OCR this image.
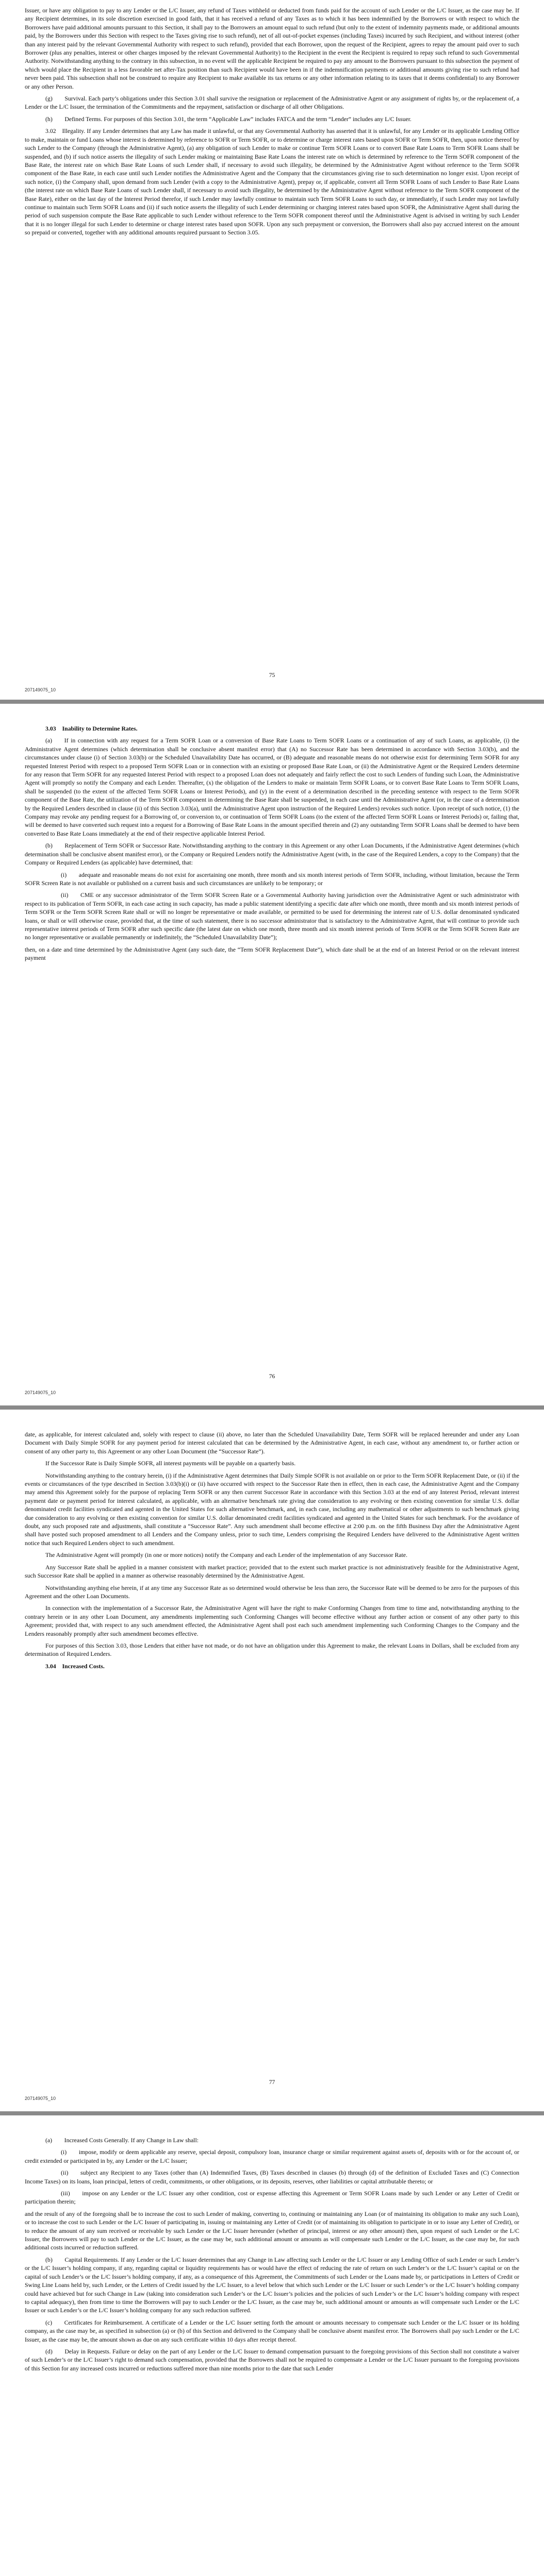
Issuer, or have any obligation to pay to any Lender or the L/C Issuer, any refund of Taxes withheld or deducted from funds paid for the account of such Lender or the L/C Issuer, as the case may be. If any Recipient determines, in its sole discretion exercised in good faith, that it has received a refund of any Taxes as to which it has been indemnified by the Borrowers or with respect to which the Borrowers have paid additional amounts pursuant to this Section, it shall pay to the Borrowers an amount equal to such refund (but only to the extent of indemnity payments made, or additional amounts paid, by the Borrowers under this Section with respect to the Taxes giving rise to such refund), net of all out-of-pocket expenses (including Taxes) incurred by such Recipient, and without interest (other than any interest paid by the relevant Governmental Authority with respect to such refund), provided that each Borrower, upon the request of the Recipient, agrees to repay the amount paid over to such Borrower (plus any penalties, interest or other charges imposed by the relevant Governmental Authority) to the Recipient in the event the Recipient is required to repay such refund to such Governmental Authority. Notwithstanding anything to the contrary in this subsection, in no event will the applicable Recipient be required to pay any amount to the Borrowers pursuant to this subsection the payment of which would place the Recipient in a less favorable net after-Tax position than such Recipient would have been in if the indemnification payments or additional amounts giving rise to such refund had never been paid. This subsection shall not be construed to require any Recipient to make available its tax returns or any other information relating to its taxes that it deems confidential) to any Borrower or any other Person.

(g)  Survival. Each party’s obligations under this Section 3.01 shall survive the resignation or replacement of the Administrative Agent or any assignment of rights by, or the replacement of, a Lender or the L/C Issuer, the termination of the Commitments and the repayment, satisfaction or discharge of all other Obligations.

(h)  Defined Terms. For purposes of this Section 3.01, the term “Applicable Law” includes FATCA and the term “Lender” includes any L/C Issuer.

3.02 Illegality. If any Lender determines that any Law has made it unlawful, or that any Governmental Authority has asserted that it is unlawful, for any Lender or its applicable Lending Office to make, maintain or fund Loans whose interest is determined by reference to SOFR or Term SOFR, or to determine or charge interest rates based upon SOFR or Term SOFR, then, upon notice thereof by such Lender to the Company (through the Administrative Agent), (a) any obligation of such Lender to make or continue Term SOFR Loans or to convert Base Rate Loans to Term SOFR Loans shall be suspended, and (b) if such notice asserts the illegality of such Lender making or maintaining Base Rate Loans the interest rate on which is determined by reference to the Term SOFR component of the Base Rate, the interest rate on which Base Rate Loans of such Lender shall, if necessary to avoid such illegality, be determined by the Administrative Agent without reference to the Term SOFR component of the Base Rate, in each case until such Lender notifies the Administrative Agent and the Company that the circumstances giving rise to such determination no longer exist. Upon receipt of such notice, (i) the Company shall, upon demand from such Lender (with a copy to the Administrative Agent), prepay or, if applicable, convert all Term SOFR Loans of such Lender to Base Rate Loans (the interest rate on which Base Rate Loans of such Lender shall, if necessary to avoid such illegality, be determined by the Administrative Agent without reference to the Term SOFR component of the Base Rate), either on the last day of the Interest Period therefor, if such Lender may lawfully continue to maintain such Term SOFR Loans to such day, or immediately, if such Lender may not lawfully continue to maintain such Term SOFR Loans and (ii) if such notice asserts the illegality of such Lender determining or charging interest rates based upon SOFR, the Administrative Agent shall during the period of such suspension compute the Base Rate applicable to such Lender without reference to the Term SOFR component thereof until the Administrative Agent is advised in writing by such Lender that it is no longer illegal for such Lender to determine or charge interest rates based upon SOFR. Upon any such prepayment or conversion, the Borrowers shall also pay accrued interest on the amount so prepaid or converted, together with any additional amounts required pursuant to Section 3.05.

75
207149075_10

3.03 Inability to Determine Rates.

(a)  If in connection with any request for a Term SOFR Loan or a conversion of Base Rate Loans to Term SOFR Loans or a continuation of any of such Loans, as applicable, (i) the Administrative Agent determines (which determination shall be conclusive absent manifest error) that (A) no Successor Rate has been determined in accordance with Section 3.03(b), and the circumstances under clause (i) of Section 3.03(b) or the Scheduled Unavailability Date has occurred, or (B) adequate and reasonable means do not otherwise exist for determining Term SOFR for any requested Interest Period with respect to a proposed Term SOFR Loan or in connection with an existing or proposed Base Rate Loan, or (ii) the Administrative Agent or the Required Lenders determine for any reason that Term SOFR for any requested Interest Period with respect to a proposed Loan does not adequately and fairly reflect the cost to such Lenders of funding such Loan, the Administrative Agent will promptly so notify the Company and each Lender. Thereafter, (x) the obligation of the Lenders to make or maintain Term SOFR Loans, or to convert Base Rate Loans to Term SOFR Loans, shall be suspended (to the extent of the affected Term SOFR Loans or Interest Periods), and (y) in the event of a determination described in the preceding sentence with respect to the Term SOFR component of the Base Rate, the utilization of the Term SOFR component in determining the Base Rate shall be suspended, in each case until the Administrative Agent (or, in the case of a determination by the Required Lenders described in clause (ii) of this Section 3.03(a), until the Administrative Agent upon instruction of the Required Lenders) revokes such notice. Upon receipt of such notice, (1) the Company may revoke any pending request for a Borrowing of, or conversion to, or continuation of Term SOFR Loans (to the extent of the affected Term SOFR Loans or Interest Periods) or, failing that, will be deemed to have converted such request into a request for a Borrowing of Base Rate Loans in the amount specified therein and (2) any outstanding Term SOFR Loans shall be deemed to have been converted to Base Rate Loans immediately at the end of their respective applicable Interest Period.

(b)  Replacement of Term SOFR or Successor Rate. Notwithstanding anything to the contrary in this Agreement or any other Loan Documents, if the Administrative Agent determines (which determination shall be conclusive absent manifest error), or the Company or Required Lenders notify the Administrative Agent (with, in the case of the Required Lenders, a copy to the Company) that the Company or Required Lenders (as applicable) have determined, that:

(i)  adequate and reasonable means do not exist for ascertaining one month, three month and six month interest periods of Term SOFR, including, without limitation, because the Term SOFR Screen Rate is not available or published on a current basis and such circumstances are unlikely to be temporary; or

(ii)  CME or any successor administrator of the Term SOFR Screen Rate or a Governmental Authority having jurisdiction over the Administrative Agent or such administrator with respect to its publication of Term SOFR, in each case acting in such capacity, has made a public statement identifying a specific date after which one month, three month and six month interest periods of Term SOFR or the Term SOFR Screen Rate shall or will no longer be representative or made available, or permitted to be used for determining the interest rate of U.S. dollar denominated syndicated loans, or shall or will otherwise cease, provided that, at the time of such statement, there is no successor administrator that is satisfactory to the Administrative Agent, that will continue to provide such representative interest periods of Term SOFR after such specific date (the latest date on which one month, three month and six month interest periods of Term SOFR or the Term SOFR Screen Rate are no longer representative or available permanently or indefinitely, the “Scheduled Unavailability Date”);

then, on a date and time determined by the Administrative Agent (any such date, the “Term SOFR Replacement Date”), which date shall be at the end of an Interest Period or on the relevant interest payment

76
207149075_10

date, as applicable, for interest calculated and, solely with respect to clause (ii) above, no later than the Scheduled Unavailability Date, Term SOFR will be replaced hereunder and under any Loan Document with Daily Simple SOFR for any payment period for interest calculated that can be determined by the Administrative Agent, in each case, without any amendment to, or further action or consent of any other party to, this Agreement or any other Loan Document (the “Successor Rate”).

If the Successor Rate is Daily Simple SOFR, all interest payments will be payable on a quarterly basis.

Notwithstanding anything to the contrary herein, (i) if the Administrative Agent determines that Daily Simple SOFR is not available on or prior to the Term SOFR Replacement Date, or (ii) if the events or circumstances of the type described in Section 3.03(b)(i) or (ii) have occurred with respect to the Successor Rate then in effect, then in each case, the Administrative Agent and the Company may amend this Agreement solely for the purpose of replacing Term SOFR or any then current Successor Rate in accordance with this Section 3.03 at the end of any Interest Period, relevant interest payment date or payment period for interest calculated, as applicable, with an alternative benchmark rate giving due consideration to any evolving or then existing convention for similar U.S. dollar denominated credit facilities syndicated and agented in the United States for such alternative benchmark, and, in each case, including any mathematical or other adjustments to such benchmark giving due consideration to any evolving or then existing convention for similar U.S. dollar denominated credit facilities syndicated and agented in the United States for such benchmark. For the avoidance of doubt, any such proposed rate and adjustments, shall constitute a “Successor Rate”. Any such amendment shall become effective at 2:00 p.m. on the fifth Business Day after the Administrative Agent shall have posted such proposed amendment to all Lenders and the Company unless, prior to such time, Lenders comprising the Required Lenders have delivered to the Administrative Agent written notice that such Required Lenders object to such amendment.

The Administrative Agent will promptly (in one or more notices) notify the Company and each Lender of the implementation of any Successor Rate.

Any Successor Rate shall be applied in a manner consistent with market practice; provided that to the extent such market practice is not administratively feasible for the Administrative Agent, such Successor Rate shall be applied in a manner as otherwise reasonably determined by the Administrative Agent.

Notwithstanding anything else herein, if at any time any Successor Rate as so determined would otherwise be less than zero, the Successor Rate will be deemed to be zero for the purposes of this Agreement and the other Loan Documents.

In connection with the implementation of a Successor Rate, the Administrative Agent will have the right to make Conforming Changes from time to time and, notwithstanding anything to the contrary herein or in any other Loan Document, any amendments implementing such Conforming Changes will become effective without any further action or consent of any other party to this Agreement; provided that, with respect to any such amendment effected, the Administrative Agent shall post each such amendment implementing such Conforming Changes to the Company and the Lenders reasonably promptly after such amendment becomes effective.

For purposes of this Section 3.03, those Lenders that either have not made, or do not have an obligation under this Agreement to make, the relevant Loans in Dollars, shall be excluded from any determination of Required Lenders.

3.04 Increased Costs.

77
207149075_10

(a)  Increased Costs Generally. If any Change in Law shall:

(i)  impose, modify or deem applicable any reserve, special deposit, compulsory loan, insurance charge or similar requirement against assets of, deposits with or for the account of, or credit extended or participated in by, any Lender or the L/C Issuer;

(ii)  subject any Recipient to any Taxes (other than (A) Indemnified Taxes, (B) Taxes described in clauses (b) through (d) of the definition of Excluded Taxes and (C) Connection Income Taxes) on its loans, loan principal, letters of credit, commitments, or other obligations, or its deposits, reserves, other liabilities or capital attributable thereto; or

(iii)  impose on any Lender or the L/C Issuer any other condition, cost or expense affecting this Agreement or Term SOFR Loans made by such Lender or any Letter of Credit or participation therein;

and the result of any of the foregoing shall be to increase the cost to such Lender of making, converting to, continuing or maintaining any Loan (or of maintaining its obligation to make any such Loan), or to increase the cost to such Lender or the L/C Issuer of participating in, issuing or maintaining any Letter of Credit (or of maintaining its obligation to participate in or to issue any Letter of Credit), or to reduce the amount of any sum received or receivable by such Lender or the L/C Issuer hereunder (whether of principal, interest or any other amount) then, upon request of such Lender or the L/C Issuer, the Borrowers will pay to such Lender or the L/C Issuer, as the case may be, such additional amount or amounts as will compensate such Lender or the L/C Issuer, as the case may be, for such additional costs incurred or reduction suffered.

(b)  Capital Requirements. If any Lender or the L/C Issuer determines that any Change in Law affecting such Lender or the L/C Issuer or any Lending Office of such Lender or such Lender’s or the L/C Issuer’s holding company, if any, regarding capital or liquidity requirements has or would have the effect of reducing the rate of return on such Lender’s or the L/C Issuer’s capital or on the capital of such Lender’s or the L/C Issuer’s holding company, if any, as a consequence of this Agreement, the Commitments of such Lender or the Loans made by, or participations in Letters of Credit or Swing Line Loans held by, such Lender, or the Letters of Credit issued by the L/C Issuer, to a level below that which such Lender or the L/C Issuer or such Lender’s or the L/C Issuer’s holding company could have achieved but for such Change in Law (taking into consideration such Lender’s or the L/C Issuer’s policies and the policies of such Lender’s or the L/C Issuer’s holding company with respect to capital adequacy), then from time to time the Borrowers will pay to such Lender or the L/C Issuer, as the case may be, such additional amount or amounts as will compensate such Lender or the L/C Issuer or such Lender’s or the L/C Issuer’s holding company for any such reduction suffered.

(c)  Certificates for Reimbursement. A certificate of a Lender or the L/C Issuer setting forth the amount or amounts necessary to compensate such Lender or the L/C Issuer or its holding company, as the case may be, as specified in subsection (a) or (b) of this Section and delivered to the Company shall be conclusive absent manifest error. The Borrowers shall pay such Lender or the L/C Issuer, as the case may be, the amount shown as due on any such certificate within 10 days after receipt thereof.

(d)  Delay in Requests. Failure or delay on the part of any Lender or the L/C Issuer to demand compensation pursuant to the foregoing provisions of this Section shall not constitute a waiver of such Lender’s or the L/C Issuer’s right to demand such compensation, provided that the Borrowers shall not be required to compensate a Lender or the L/C Issuer pursuant to the foregoing provisions of this Section for any increased costs incurred or reductions suffered more than nine months prior to the date that such Lender
